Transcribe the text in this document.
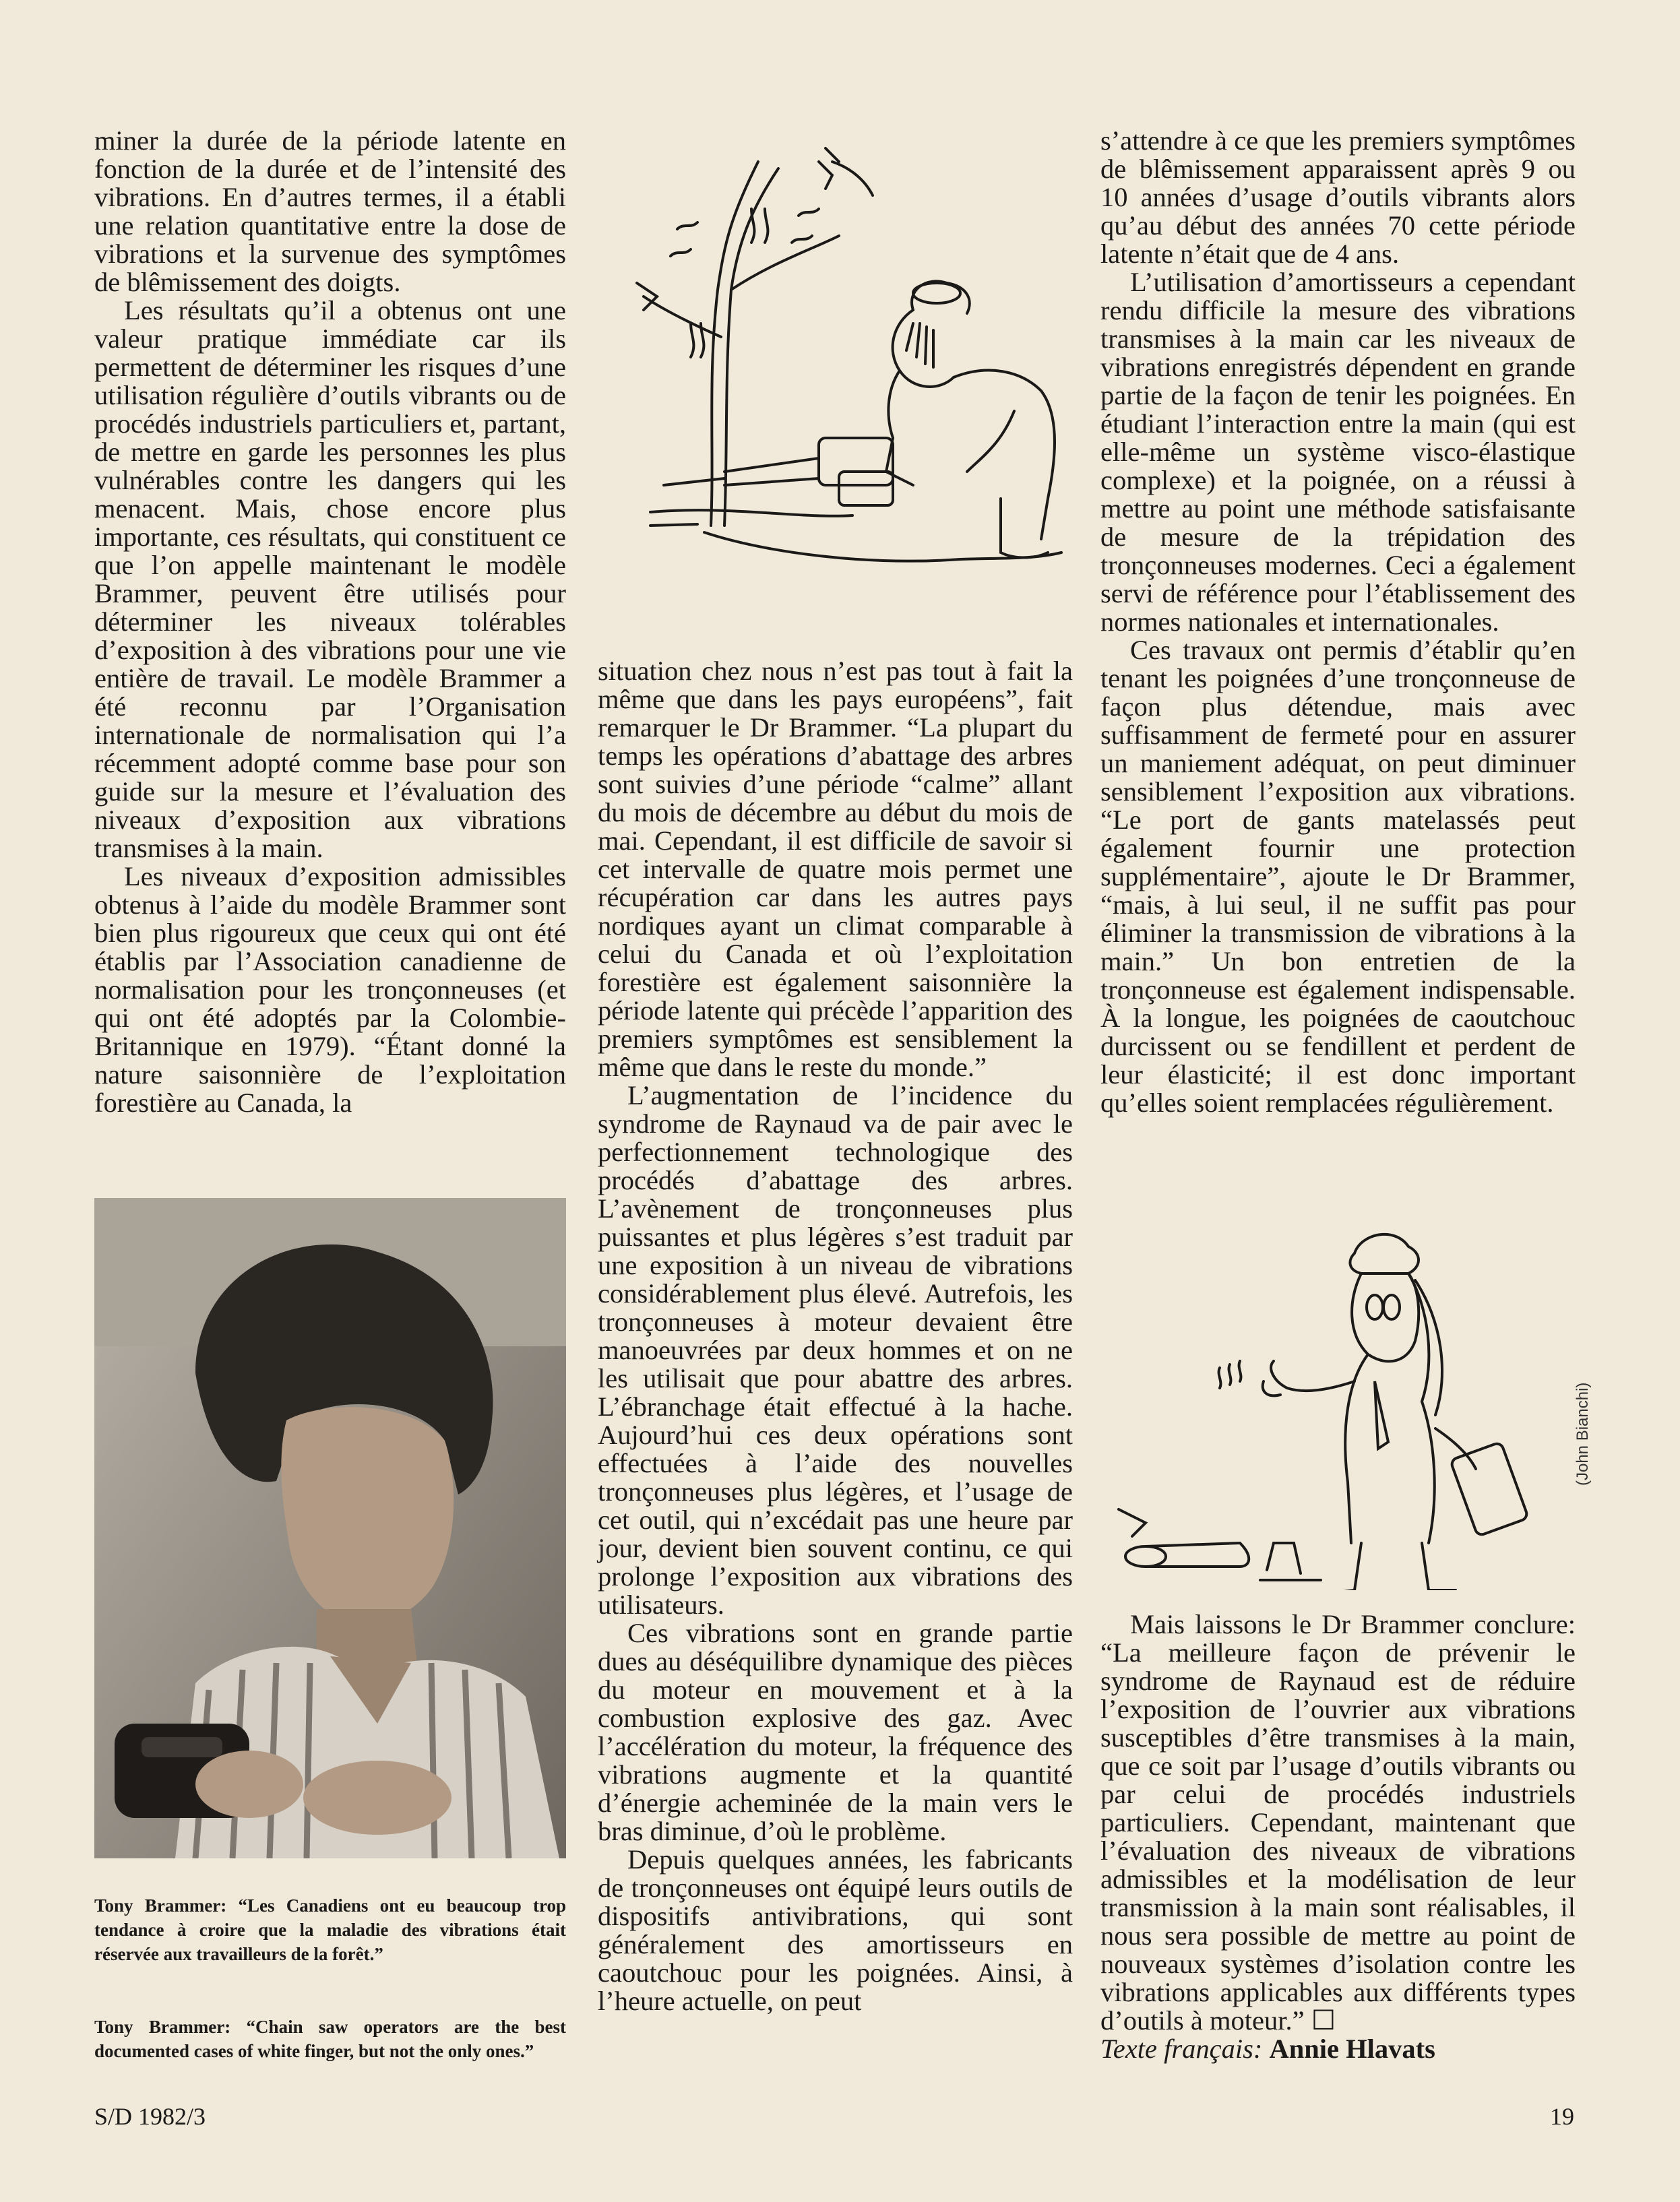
miner la durée de la période latente en fonction de la durée et de l’intensité des vibrations. En d’autres termes, il a établi une relation quantitative entre la dose de vibrations et la survenue des symptômes de blêmissement des doigts.

Les résultats qu’il a obtenus ont une valeur pratique immédiate car ils permettent de déterminer les risques d’une utilisation régulière d’outils vibrants ou de procédés industriels particuliers et, partant, de mettre en garde les personnes les plus vulnérables contre les dangers qui les menacent. Mais, chose encore plus importante, ces résultats, qui constituent ce que l’on appelle maintenant le modèle Brammer, peuvent être utilisés pour déterminer les niveaux tolérables d’exposition à des vibrations pour une vie entière de travail. Le modèle Brammer a été reconnu par l’Organisation internationale de normalisation qui l’a récemment adopté comme base pour son guide sur la mesure et l’évaluation des niveaux d’exposition aux vibrations transmises à la main.

Les niveaux d’exposition admissibles obtenus à l’aide du modèle Brammer sont bien plus rigoureux que ceux qui ont été établis par l’Association canadienne de normalisation pour les tronçonneuses (et qui ont été adoptés par la Colombie-Britannique en 1979). “Étant donné la nature saisonnière de l’exploitation forestière au Canada, la

Tony Brammer: “Les Canadiens ont eu beaucoup trop tendance à croire que la maladie des vibrations était réservée aux travailleurs de la forêt.”
Tony Brammer: “Chain saw operators are the best documented cases of white finger, but not the only ones.”

situation chez nous n’est pas tout à fait la même que dans les pays européens”, fait remarquer le Dr Brammer. “La plupart du temps les opérations d’abattage des arbres sont suivies d’une période “calme” allant du mois de décembre au début du mois de mai. Cependant, il est difficile de savoir si cet intervalle de quatre mois permet une récupération car dans les autres pays nordiques ayant un climat comparable à celui du Canada et où l’exploitation forestière est également saisonnière la période latente qui précède l’apparition des premiers symptômes est sensiblement la même que dans le reste du monde.”

L’augmentation de l’incidence du syndrome de Raynaud va de pair avec le perfectionnement technologique des procédés d’abattage des arbres. L’avènement de tronçonneuses plus puissantes et plus légères s’est traduit par une exposition à un niveau de vibrations considérablement plus élevé. Autrefois, les tronçonneuses à moteur devaient être manoeuvrées par deux hommes et on ne les utilisait que pour abattre des arbres. L’ébranchage était effectué à la hache. Aujourd’hui ces deux opérations sont effectuées à l’aide des nouvelles tronçonneuses plus légères, et l’usage de cet outil, qui n’excédait pas une heure par jour, devient bien souvent continu, ce qui prolonge l’exposition aux vibrations des utilisateurs.

Ces vibrations sont en grande partie dues au déséquilibre dynamique des pièces du moteur en mouvement et à la combustion explosive des gaz. Avec l’accélération du moteur, la fréquence des vibrations augmente et la quantité d’énergie acheminée de la main vers le bras diminue, d’où le problème.

Depuis quelques années, les fabricants de tronçonneuses ont équipé leurs outils de dispositifs antivibrations, qui sont généralement des amortisseurs en caoutchouc pour les poignées. Ainsi, à l’heure actuelle, on peut

s’attendre à ce que les premiers symptômes de blêmissement apparaissent après 9 ou 10 années d’usage d’outils vibrants alors qu’au début des années 70 cette période latente n’était que de 4 ans.

L’utilisation d’amortisseurs a cependant rendu difficile la mesure des vibrations transmises à la main car les niveaux de vibrations enregistrés dépendent en grande partie de la façon de tenir les poignées. En étudiant l’interaction entre la main (qui est elle-même un système visco-élastique complexe) et la poignée, on a réussi à mettre au point une méthode satisfaisante de mesure de la trépidation des tronçonneuses modernes. Ceci a également servi de référence pour l’établissement des normes nationales et internationales.

Ces travaux ont permis d’établir qu’en tenant les poignées d’une tronçonneuse de façon plus détendue, mais avec suffisamment de fermeté pour en assurer un maniement adéquat, on peut diminuer sensiblement l’exposition aux vibrations. “Le port de gants matelassés peut également fournir une protection supplémentaire”, ajoute le Dr Brammer, “mais, à lui seul, il ne suffit pas pour éliminer la transmission de vibrations à la main.” Un bon entretien de la tronçonneuse est également indispensable. À la longue, les poignées de caoutchouc durcissent ou se fendillent et perdent de leur élasticité; il est donc important qu’elles soient remplacées régulièrement.

(John Bianchi)

Mais laissons le Dr Brammer conclure: “La meilleure façon de prévenir le syndrome de Raynaud est de réduire l’exposition de l’ouvrier aux vibrations susceptibles d’être transmises à la main, que ce soit par l’usage d’outils vibrants ou par celui de procédés industriels particuliers. Cependant, maintenant que l’évaluation des niveaux de vibrations admissibles et la modélisation de leur transmission à la main sont réalisables, il nous sera possible de mettre au point de nouveaux systèmes d’isolation contre les vibrations applicables aux différents types d’outils à moteur.” ☐

Texte français: Annie Hlavats

S/D 1982/3	19
